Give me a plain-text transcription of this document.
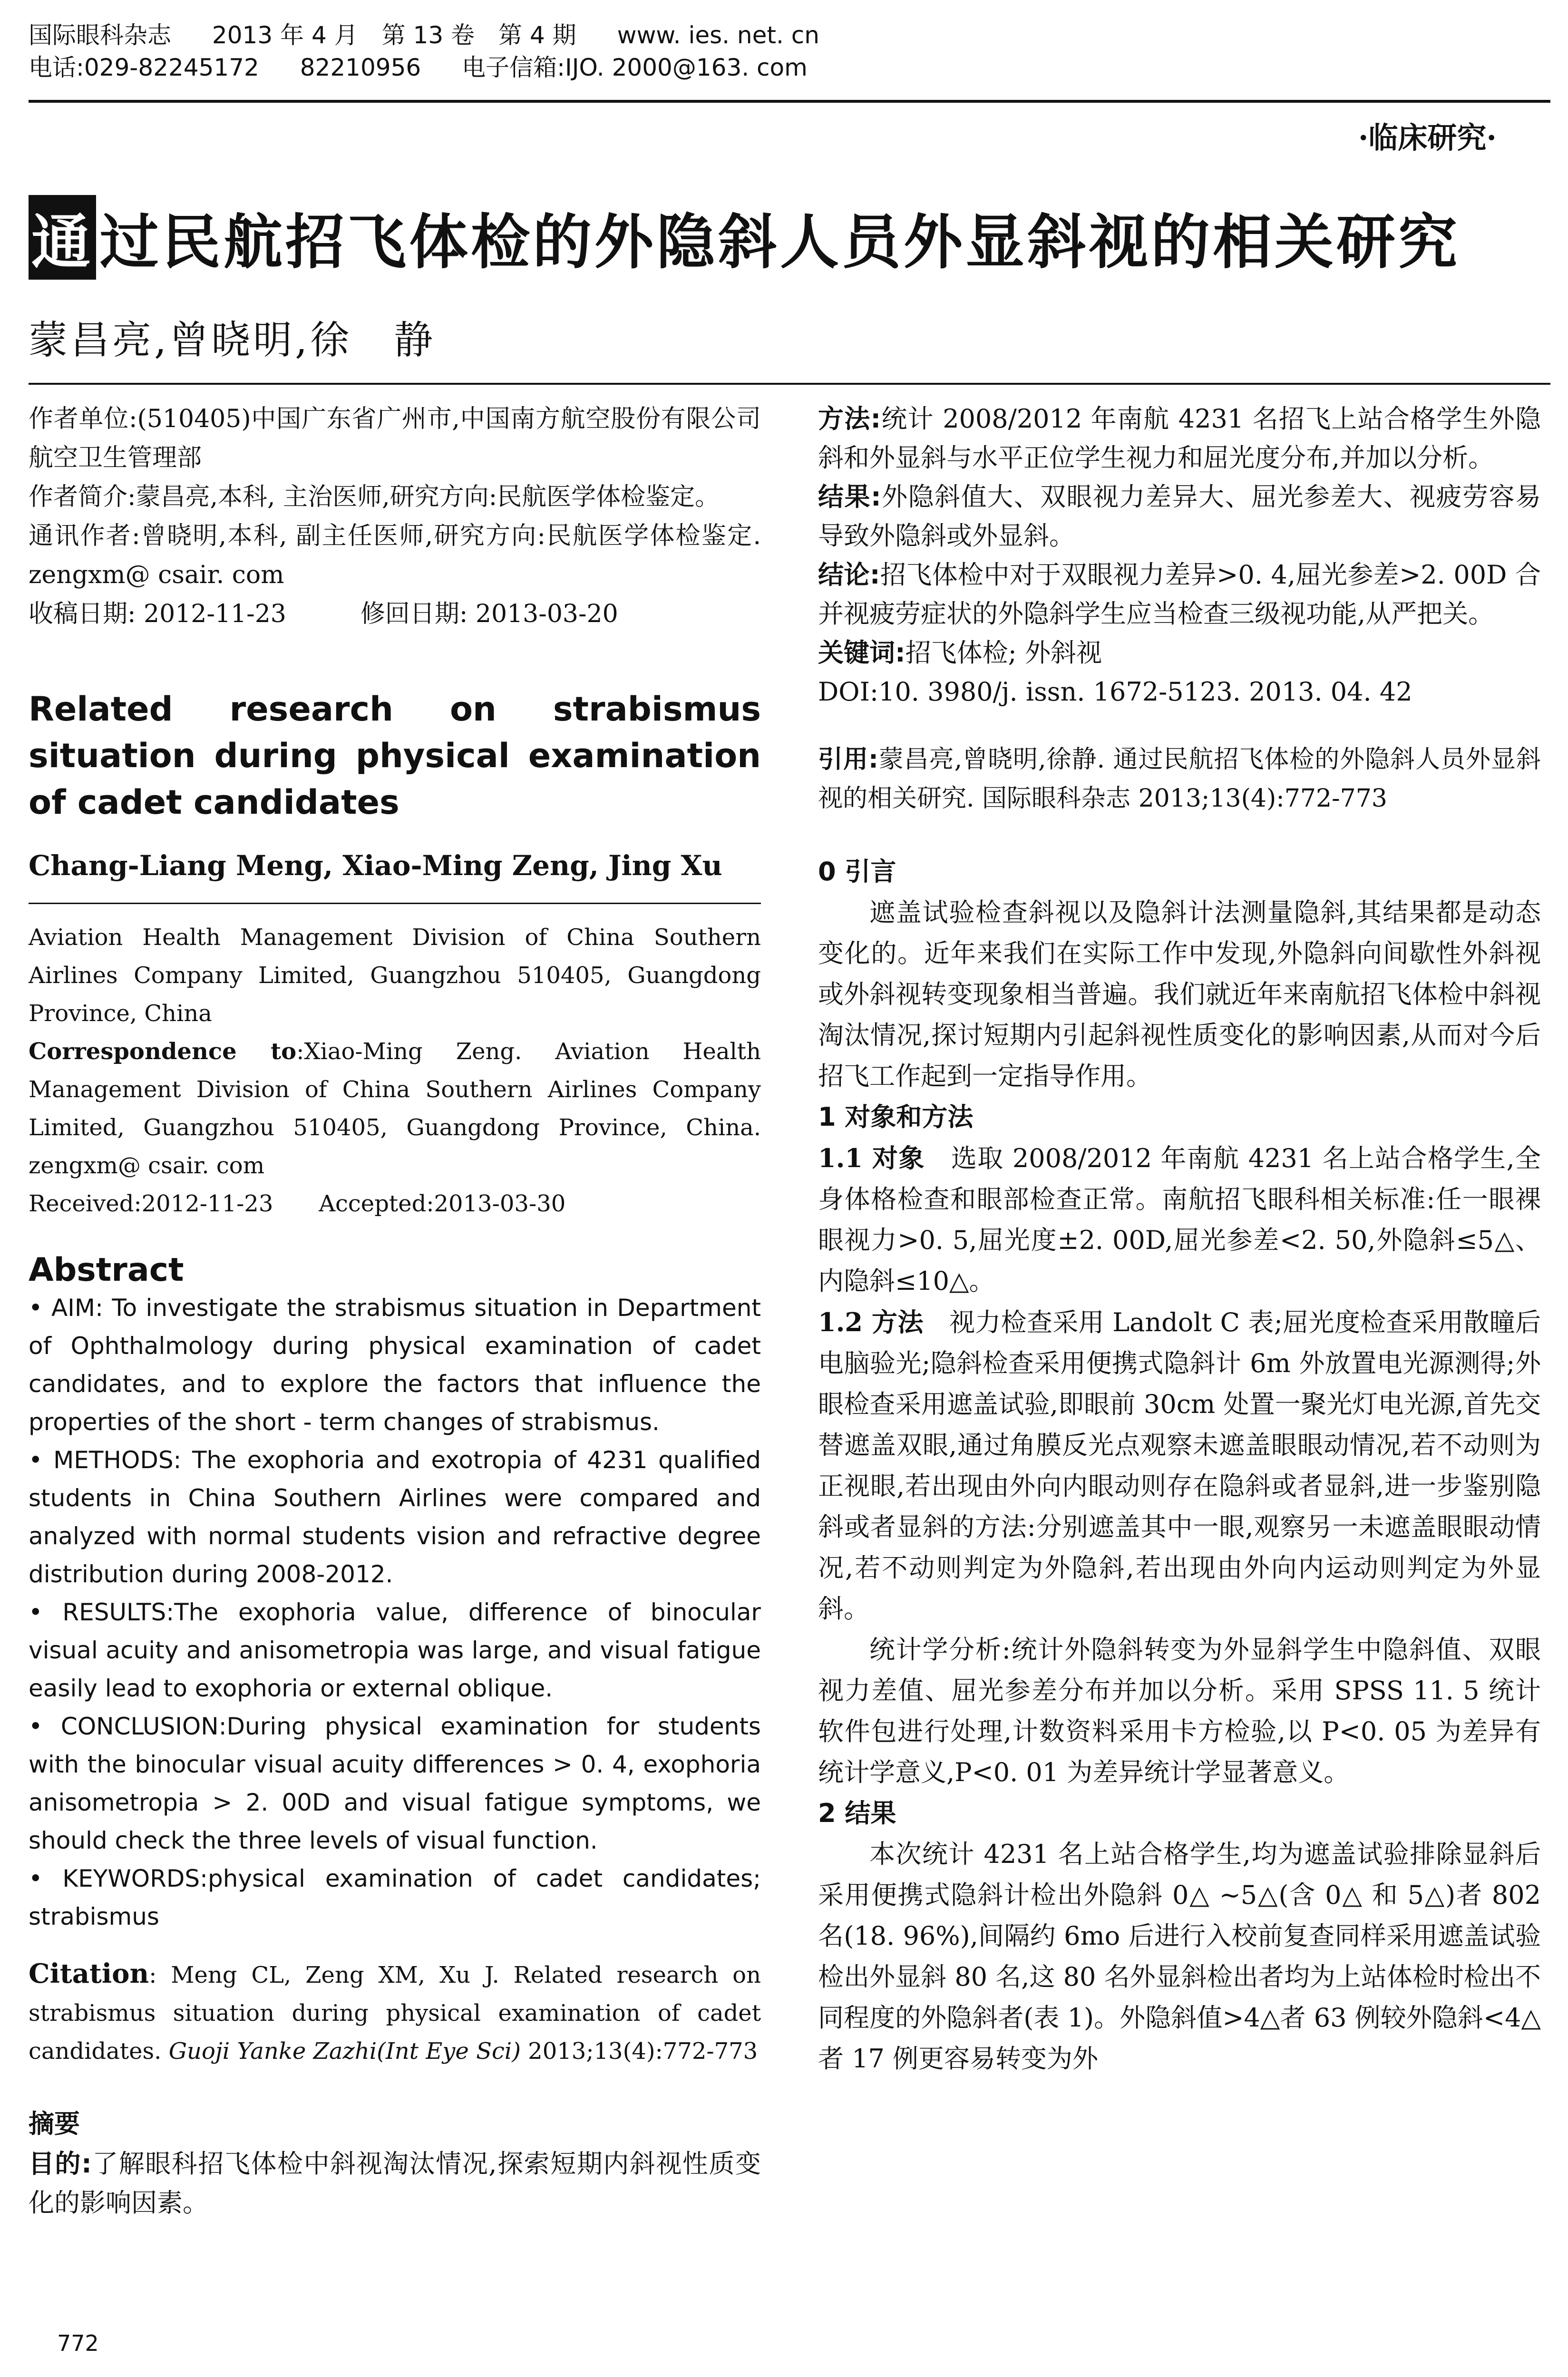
国际眼科杂志 2013 年 4 月　第 13 卷　第 4 期 www. ies. net. cn
电话:029-82245172 82210956 电子信箱:IJO. 2000@163. com
·临床研究·
通 过民航招飞体检的外隐斜人员外显斜视的相关研究
蒙昌亮,曾晓明,徐　静
作者单位:(510405)中国广东省广州市,中国南方航空股份有限公司航空卫生管理部
作者简介:蒙昌亮,本科, 主治医师,研究方向:民航医学体检鉴定。
通讯作者:曾晓明,本科, 副主任医师,研究方向:民航医学体检鉴定. zengxm@ csair. com
收稿日期: 2012-11-23　　　修回日期: 2013-03-20
Related research on strabismus situation during physical examination of cadet candidates
Chang-Liang Meng, Xiao-Ming Zeng, Jing Xu
Aviation Health Management Division of China Southern Airlines Company Limited, Guangzhou 510405, Guangdong Province, China
Correspondence to:Xiao-Ming Zeng. Aviation Health Management Division of China Southern Airlines Company Limited, Guangzhou 510405, Guangdong Province, China. zengxm@ csair. com
Received:2012-11-23　　Accepted:2013-03-30
Abstract

• AIM: To investigate the strabismus situation in Department of Ophthalmology during physical examination of cadet candidates, and to explore the factors that influence the properties of the short - term changes of strabismus.

• METHODS: The exophoria and exotropia of 4231 qualified students in China Southern Airlines were compared and analyzed with normal students vision and refractive degree distribution during 2008-2012.

• RESULTS:The exophoria value, difference of binocular visual acuity and anisometropia was large, and visual fatigue easily lead to exophoria or external oblique.

• CONCLUSION:During physical examination for students with the binocular visual acuity differences > 0. 4, exophoria anisometropia > 2. 00D and visual fatigue symptoms, we should check the three levels of visual function.

• KEYWORDS:physical examination of cadet candidates; strabismus

Citation: Meng CL, Zeng XM, Xu J. Related research on strabismus situation during physical examination of cadet candidates. Guoji Yanke Zazhi(Int Eye Sci) 2013;13(4):772-773
摘要
目的:了解眼科招飞体检中斜视淘汰情况,探索短期内斜视性质变化的影响因素。
方法:统计 2008/2012 年南航 4231 名招飞上站合格学生外隐斜和外显斜与水平正位学生视力和屈光度分布,并加以分析。
结果:外隐斜值大、双眼视力差异大、屈光参差大、视疲劳容易导致外隐斜或外显斜。
结论:招飞体检中对于双眼视力差异>0. 4,屈光参差>2. 00D 合并视疲劳症状的外隐斜学生应当检查三级视功能,从严把关。
关键词:招飞体检; 外斜视
DOI:10. 3980/j. issn. 1672-5123. 2013. 04. 42
引用:蒙昌亮,曾晓明,徐静. 通过民航招飞体检的外隐斜人员外显斜视的相关研究. 国际眼科杂志 2013;13(4):772-773
0 引言

遮盖试验检查斜视以及隐斜计法测量隐斜,其结果都是动态变化的。近年来我们在实际工作中发现,外隐斜向间歇性外斜视或外斜视转变现象相当普遍。我们就近年来南航招飞体检中斜视淘汰情况,探讨短期内引起斜视性质变化的影响因素,从而对今后招飞工作起到一定指导作用。

1 对象和方法

1.1 对象　选取 2008/2012 年南航 4231 名上站合格学生,全身体格检查和眼部检查正常。南航招飞眼科相关标准:任一眼裸眼视力>0. 5,屈光度±2. 00D,屈光参差<2. 50,外隐斜≤5△、内隐斜≤10△。

1.2 方法　视力检查采用 Landolt C 表;屈光度检查采用散瞳后电脑验光;隐斜检查采用便携式隐斜计 6m 外放置电光源测得;外眼检查采用遮盖试验,即眼前 30cm 处置一聚光灯电光源,首先交替遮盖双眼,通过角膜反光点观察未遮盖眼眼动情况,若不动则为正视眼,若出现由外向内眼动则存在隐斜或者显斜,进一步鉴别隐斜或者显斜的方法:分别遮盖其中一眼,观察另一未遮盖眼眼动情况,若不动则判定为外隐斜,若出现由外向内运动则判定为外显斜。

统计学分析:统计外隐斜转变为外显斜学生中隐斜值、双眼视力差值、屈光参差分布并加以分析。采用 SPSS 11. 5 统计软件包进行处理,计数资料采用卡方检验,以 P<0. 05 为差异有统计学意义,P<0. 01 为差异统计学显著意义。

2 结果

本次统计 4231 名上站合格学生,均为遮盖试验排除显斜后采用便携式隐斜计检出外隐斜 0△ ~5△(含 0△ 和 5△)者 802 名(18. 96%),间隔约 6mo 后进行入校前复查同样采用遮盖试验检出外显斜 80 名,这 80 名外显斜检出者均为上站体检时检出不同程度的外隐斜者(表 1)。外隐斜值>4△者 63 例较外隐斜<4△者 17 例更容易转变为外

772
